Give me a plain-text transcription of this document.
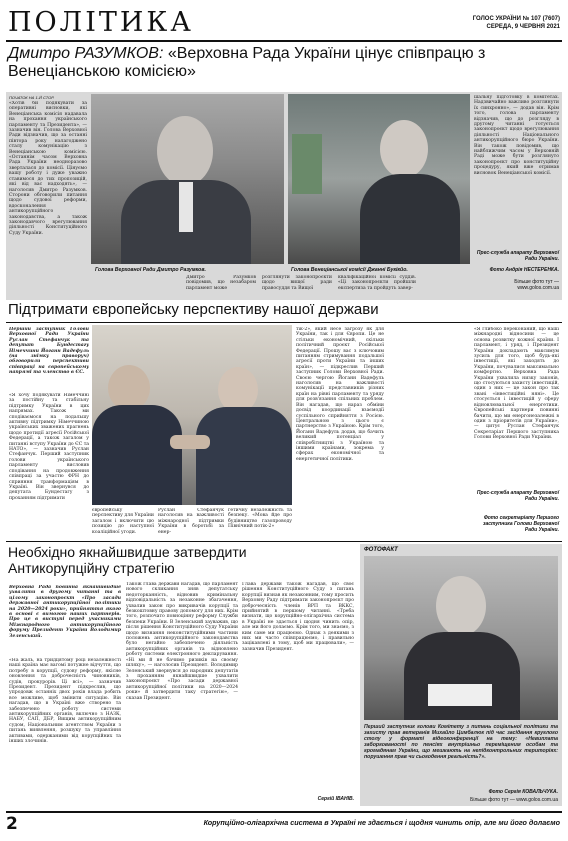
ПОЛІТИКА	ГОЛОС УКРАЇНИ № 107 (7607)
СЕРЕДА, 9 ЧЕРВНЯ 2021
Дмитро РАЗУМКОВ: «Верховна Рада України цінує співпрацю з Венеціанською комісією»
ПОЧАТОК НА 1-Й СТОР.
«Хотів би подякувати за оперативні висновки, які Венеціанська комісія надавала на прохання українського парламенту та Президента», — зазначив він. Голова Верховної Ради відзначив, що за останні півтора року налагоджено сталу комунікацію з Венеціанською комісією. «Останнім часом Верховна Рада України неодноразово зверталася до комісії. Цінуємо вашу роботу і дуже уважно ставимося до тих пропозицій, які від вас надходять», — наголосив Дмитро Разумков. Сторони обговорили питання щодо судової реформи, вдосконалення антикорупційного законодавства, а також законодавчого врегулювання діяльності Конституційного Суду України.
Голова Верховної Ради Дмитро Разумков.	Голова Венеціанської комісії Джанні Букікйо.
Дмитро Разумков повідомив, що незабаром парламент може
розглянути законопроєкти щодо вищої ради правосуддя та Вищої
кваліфікаційної комісії суддів. «Ці законопроєкти пройшли експертиза та пройдуть завер-
шальну підготовку в комітетах. Надзвичайно важливо розглянути їх синхронно», — додав він. Крім того, голова парламенту відзначив, що до розгляду в другому читанні готується законопроєкт щодо врегулювання діяльності Національного антикорупційного бюро України. Він також повідомив, що найближчим часом у Верховній Раді може бути розглянуто законопроєкт про конституційну процедуру, який вже отримав висновок Венеціанської комісії.
Прес-служба апарату Верховної Ради України.
Фото Андрія НЕСТЕРЕНКА.
Більше фото тут — www.golos.com.ua
Підтримати європейську перспективу нашої держави
Перший заступник Голови Верховної Ради України Руслан Стефанчук та депутат Бундестагу Німеччини Йоганн Вадефуль (на знімку праворуч) обговорили перспективи співпраці на європейському напрямі та членство в ЄС.
«Я хочу подякувати Німеччині за постійну та стабільну підтримку України в цих напрямах. Також ми сподіваємося на подальшу активну підтримку Німеччиною українських зважених прагнень щодо протидії агресії Російської Федерації, а також загалом у питанні вступу України до ЄС та НАТО», — зазначив Руслан Стефанчук. Перший заступник голови українського парламенту висловив сподівання на продовження співпраці за участю ФРН до сприяння транформаціям в Україні. Він звернувся до депутата Бундестагу з проханням підтримати
європейську перспективу для України загалом і включити цю позицію до наступної коаліційної угоди.
Руслан Стефанчук наголосив на важливості міжнародної підтримки України в боротьбі за енер-
гетичну незалежність та безпеку. «Мова йде про будівництво газопроводу Північний потік-2»
тік-2», який несе загрозу як для України, так і для Європи. Це не стільки економічний, скільки політичний проєкт Російської Федерації. Прошу вас з ключовим питанням стримування подальшої агресії проти України та інших країн», — підкреслив Перший заступник Голови Верховної Ради. Своєю чергою Йоганн Вадефуль наголосив на важливості комунікації представників різних країн на рівні парламенту та уряду для розв'язання спільних проблем. Він нагадав, що нараз обміни досвід координації взаємодії суспільного сприйняття з Росією. Центральною з цього є партнерство з Україною. Крім того, Йоганн Вадефуль додав, що бачить великий потенціал у співробітництві з Україною та іншими країнами, зокрема у сферах економічної та енергетичної політики.
«Я глибоко переконаний, що наші міжнародні відносини — це основа розвитку кожної країни. І парламент, і уряд, і Президент України докладають максимум зусиль для того, щоб будь-які інвестиції, які заходять до України, почувалися максимально комфортно. Верховна Рада України ухвалила низку законів, що стосуються захисту інвестицій, один з них — це закон про так звані «інвестиційні няні». Це стосується і інвестицій у сферу відновлювальної енергетики. Європейські партнери повинні бачити, що ми енергонезалежні в один з пріоритетів для України», — цитує Руслан Стефанчук Секретаріат Першого заступника Голови Верховної Ради України.
Прес-служба апарату Верховної Ради України.
Фото секретаріату Першого заступника Голови Верховної Ради України.
Необхідно якнайшвидше затвердити Антикорупційну стратегію
Верховна Рада повинна якнайшвидше ухвалити в другому читанні та в цілому законопроєкт «Про засади державної антикорупційної політики на 2020—2024 роки», прийняття якого в основі є вимогою наших партнерів. Про це в виступі перед учасниками Міжнародного антикорупційного форуму Президент України Володимир Зеленський.
«На жаль, на тридцятому році незалежності наші країна має вагомі потужне відчуття, що потребу в корупції, судову реформу, якісне оновлення та доброчесність чиновників, судів, прокурорів. Ці всі», — зазначив Президент. Президент підкреслив, що упродовж останніх двох років влада робить все можливе, щоб змінити ситуацію. Він нагадав, що в Україні вже створено та забезпечено роботу системи антикорупційних органів, включно з НАЗК, НАБУ, САП, ДБР, Вищим антикорупційним судом, Національним агентством України з питань виявлення, розшуку та управління активами, одержаними від корупційних та інших злочинів.
Також глава держави нагадав, що парламент нового скликання зняв депутатську недоторканність, відновив кримінальну відповідальність за незаконне збагачення, ухвалив закон про викривачів корупції та безкоштовну правову допомогу для них. Крім того, розпочато повноцінну реформу Служби безпеки України. В Зеленський зауважив, що після рішення Конституційного Суду України щодо визнання неконституційними частини положень антикорупційного законодавства було негайно забезпечено діяльність антикорупційних органів та відновлено роботу системи електронного декларування. «Ні ми й не бачимо ризиків на своєму шляху», — наголосив Президент. Володимир Зеленський звернувся до народних депутатів з проханням якнайшвидше ухвалити законопроєкт «Про засади державної антикорупційної політики на 2020—2024 роки» й затвердити таку стратегію», — сказав Президент.
Глава держави також нагадав, що своє рішення Конституційного Суду з питань корупції визнав як незаконним, тому просить Верховну Раду підтримати законопроєкт про доброчесність членів ВРП та ВККС, прийнятий в першому читанні. «Треба визнати, що корупційно-олігархічна система в Україні не здається і щодня чинить опір, але ми його долаємо. Крім того, ми знаємо, з ким саме ми працюємо. Однак з деякими з них ми часто співпрацюємо, і правильно зацікавлені в тому, щоб ми працювали», — зазначив Президент.
Сергій ІВАНІВ.
ФОТОФАКТ
Перший заступник голови Комітету з питань соціальної політики та захисту прав ветеранів Михайло Цимбалюк під час засідання круглого столу у форматі відеоконференції на тему: «Невиплата заборгованості по пенсіях внутрішньо переміщеним особам та громадянам України, що мешкають на непідконтрольних територіях: порушення прав чи сьогодення реальність?».
Фото Сергія КОВАЛЬЧУКА.
Більше фото тут — www.golos.com.ua
2	Корупційно-олігархічна система в Україні не здається і щодня чинить опір, але ми його долаємо
